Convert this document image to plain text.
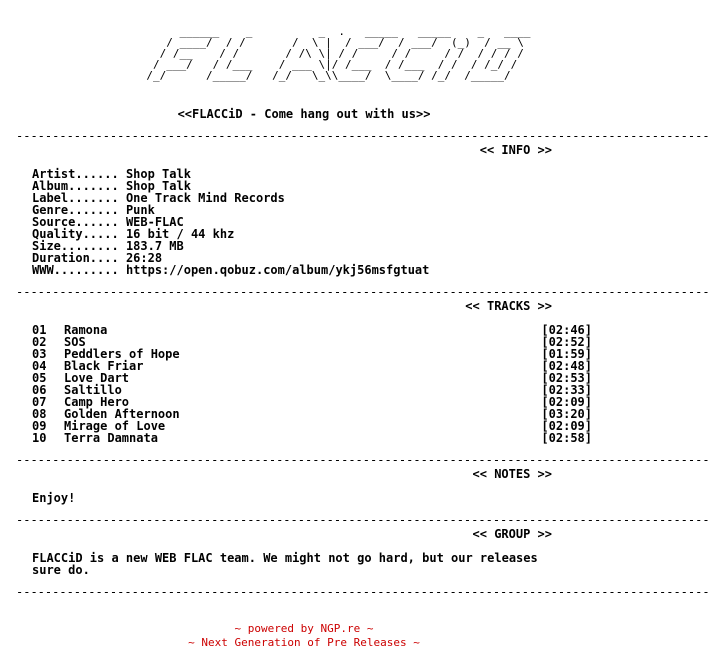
______    _          _  .   _____   _____    _   ____
/ ____/  / /       /  \ |  / ___/  / ___/  (_)  / __ \
/ /__    / /       / /\ \| / /     / /     / /  / / / /
/ ___/   / /___    / ___ \|/ /___  / /___  / /  / /_/ /
/_/      /_____/   /_/   \_\\____/  \____/ /_/  /_____/
<<FLACCiD - Come hang out with us>>
------------------------------------------------------------------------------------------------
<< INFO >>
Artist...... Shop Talk
Album....... Shop Talk
Label....... One Track Mind Records
Genre....... Punk
Source...... WEB-FLAC
Quality..... 16 bit / 44 khz
Size........ 183.7 MB
Duration.... 26:28
WWW......... https://open.qobuz.com/album/ykj56msfgtuat
------------------------------------------------------------------------------------------------
<< TRACKS >>
01 Ramona	[02:46]
02 SOS	[02:52]
03 Peddlers of Hope	[01:59]
04 Black Friar	[02:48]
05 Love Dart	[02:53]
06 Saltillo	[02:33]
07 Camp Hero	[02:09]
08 Golden Afternoon	[03:20]
09 Mirage of Love	[02:09]
10 Terra Damnata	[02:58]
------------------------------------------------------------------------------------------------
<< NOTES >>
Enjoy!
------------------------------------------------------------------------------------------------
<< GROUP >>
FLACCiD is a new WEB FLAC team. We might not go hard, but our releases
sure do.
------------------------------------------------------------------------------------------------
~ powered by NGP.re ~
~ Next Generation of Pre Releases ~
